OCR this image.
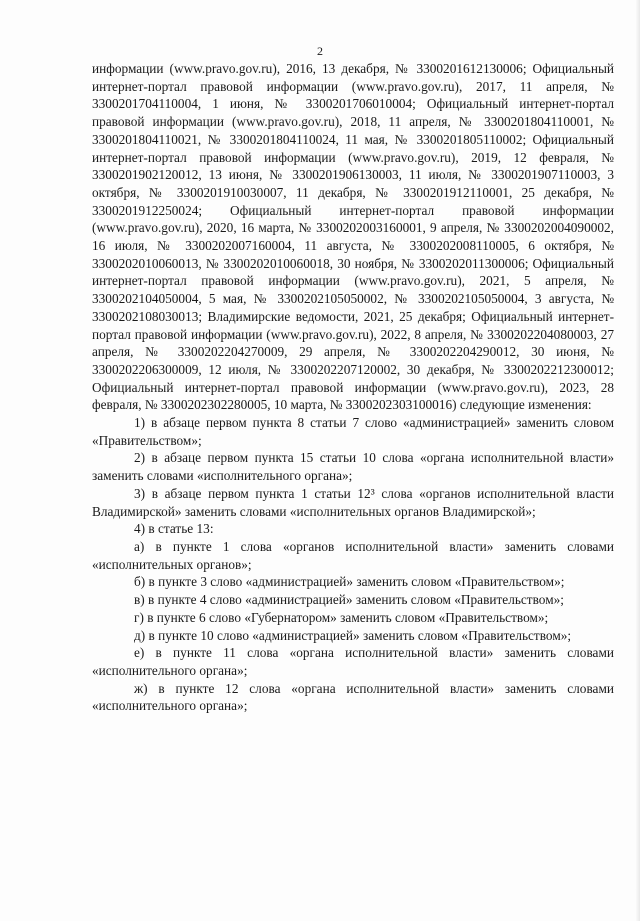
2

информации (www.pravo.gov.ru), 2016, 13 декабря, № 3300201612130006; Официальный интернет-портал правовой информации (www.pravo.gov.ru), 2017, 11 апреля, № 3300201704110004, 1 июня, № 3300201706010004; Официальный интернет-портал правовой информации (www.pravo.gov.ru), 2018, 11 апреля, № 3300201804110001, № 3300201804110021, № 3300201804110024, 11 мая, № 3300201805110002; Официальный интернет-портал правовой информации (www.pravo.gov.ru), 2019, 12 февраля, № 3300201902120012, 13 июня, № 3300201906130003, 11 июля, № 3300201907110003, 3 октября, № 3300201910030007, 11 декабря, № 3300201912110001, 25 декабря, № 3300201912250024; Официальный интернет-портал правовой информации (www.pravo.gov.ru), 2020, 16 марта, № 3300202003160001, 9 апреля, № 3300202004090002, 16 июля, № 3300202007160004, 11 августа, № 3300202008110005, 6 октября, № 3300202010060013, № 3300202010060018, 30 ноября, № 3300202011300006; Официальный интернет-портал правовой информации (www.pravo.gov.ru), 2021, 5 апреля, № 3300202104050004, 5 мая, № 3300202105050002, № 3300202105050004, 3 августа, № 3300202108030013; Владимирские ведомости, 2021, 25 декабря; Официальный интернет-портал правовой информации (www.pravo.gov.ru), 2022, 8 апреля, № 3300202204080003, 27 апреля, № 3300202204270009, 29 апреля, № 3300202204290012, 30 июня, № 3300202206300009, 12 июля, № 3300202207120002, 30 декабря, № 3300202212300012; Официальный интернет-портал правовой информации (www.pravo.gov.ru), 2023, 28 февраля, № 3300202302280005, 10 марта, № 3300202303100016) следующие изменения:

1) в абзаце первом пункта 8 статьи 7 слово «администрацией» заменить словом «Правительством»;

2) в абзаце первом пункта 15 статьи 10 слова «органа исполнительной власти» заменить словами «исполнительного органа»;

3) в абзаце первом пункта 1 статьи 12³ слова «органов исполнительной власти Владимирской» заменить словами «исполнительных органов Владимирской»;

4) в статье 13:

а) в пункте 1 слова «органов исполнительной власти» заменить словами «исполнительных органов»;

б) в пункте 3 слово «администрацией» заменить словом «Правительством»;

в) в пункте 4 слово «администрацией» заменить словом «Правительством»;

г) в пункте 6 слово «Губернатором» заменить словом «Правительством»;

д) в пункте 10 слово «администрацией» заменить словом «Правительством»;

е) в пункте 11 слова «органа исполнительной власти» заменить словами «исполнительного органа»;

ж) в пункте 12 слова «органа исполнительной власти» заменить словами «исполнительного органа»;
